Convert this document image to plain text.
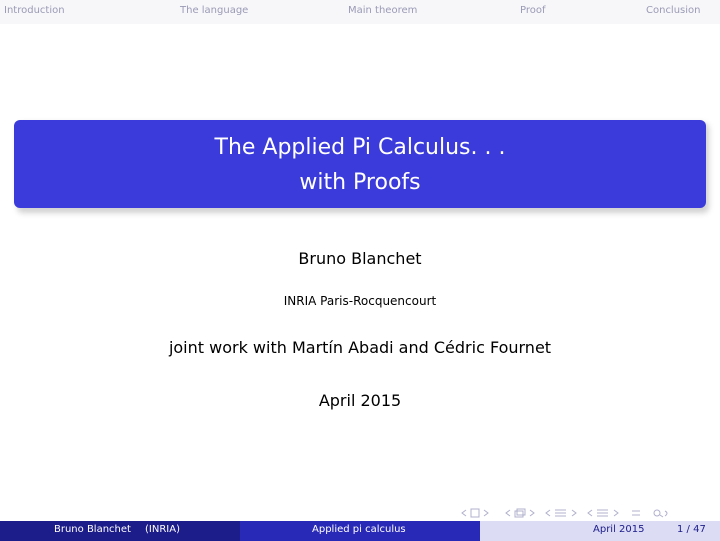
Introduction	The language	Main theorem	Proof	Conclusion
The Applied Pi Calculus. . .
with Proofs
Bruno Blanchet
INRIA Paris-Rocquencourt
joint work with Martín Abadi and Cédric Fournet
April 2015
Bruno Blanchet (INRIA)	Applied pi calculus	April 2015	1 / 47
